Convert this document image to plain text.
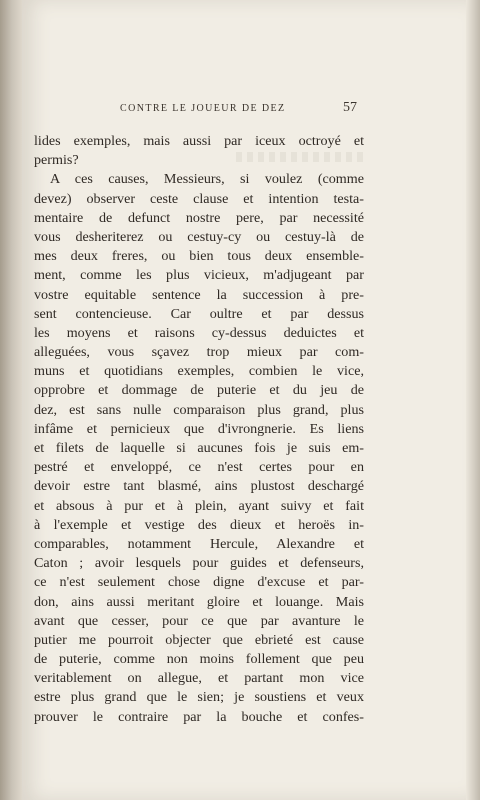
CONTRE LE JOUEUR DE DEZ	57
lides exemples, mais aussi par iceux octroyé et
permis?
A ces causes, Messieurs, si voulez (comme
devez) observer ceste clause et intention testa-
mentaire de defunct nostre pere, par necessité
vous desheriterez ou cestuy-cy ou cestuy-là de
mes deux freres, ou bien tous deux ensemble-
ment, comme les plus vicieux, m'adjugeant par
vostre equitable sentence la succession à pre-
sent contencieuse. Car oultre et par dessus
les moyens et raisons cy-dessus deduictes et
alleguées, vous sçavez trop mieux par com-
muns et quotidians exemples, combien le vice,
opprobre et dommage de puterie et du jeu de
dez, est sans nulle comparaison plus grand, plus
infâme et pernicieux que d'ivrongnerie. Es liens
et filets de laquelle si aucunes fois je suis em-
pestré et enveloppé, ce n'est certes pour en
devoir estre tant blasmé, ains plustost deschargé
et absous à pur et à plein, ayant suivy et fait
à l'exemple et vestige des dieux et heroës in-
comparables, notamment Hercule, Alexandre et
Caton ; avoir lesquels pour guides et defenseurs,
ce n'est seulement chose digne d'excuse et par-
don, ains aussi meritant gloire et louange. Mais
avant que cesser, pour ce que par avanture le
putier me pourroit objecter que ebrieté est cause
de puterie, comme non moins follement que peu
veritablement on allegue, et partant mon vice
estre plus grand que le sien; je soustiens et veux
prouver le contraire par la bouche et confes-
